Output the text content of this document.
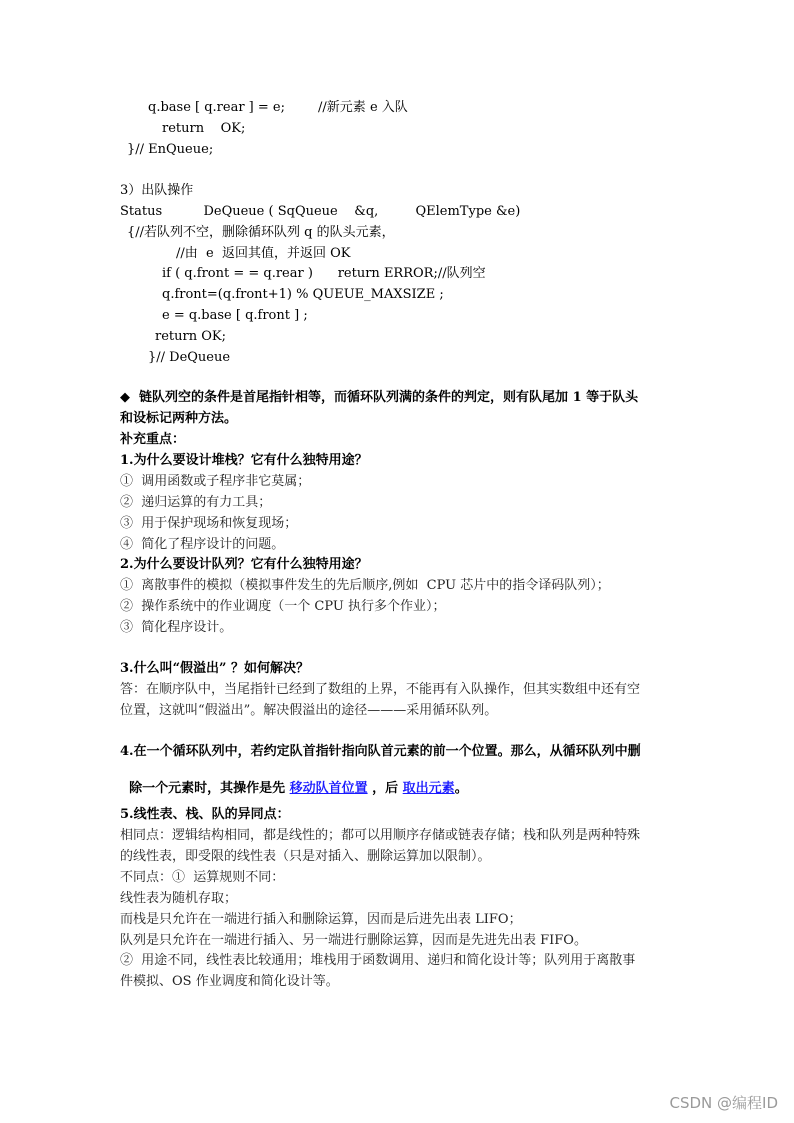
q.base [ q.rear ] = e;        //新元素 e 入队
return    OK;
}// EnQueue;
3）出队操作
Status          DeQueue ( SqQueue    &q,         QElemType &e)
{//若队列不空，删除循环队列 q 的队头元素，
//由  e  返回其值，并返回 OK
if ( q.front = = q.rear )      return ERROR;//队列空
q.front=(q.front+1) % QUEUE_MAXSIZE ;
e = q.base [ q.front ] ;
return OK;
}// DeQueue
◆  链队列空的条件是首尾指针相等，而循环队列满的条件的判定，则有队尾加 1 等于队头
和设标记两种方法。
补充重点：
1.为什么要设计堆栈？它有什么独特用途？
①  调用函数或子程序非它莫属；
②  递归运算的有力工具；
③  用于保护现场和恢复现场；
④  简化了程序设计的问题。
2.为什么要设计队列？它有什么独特用途？
①  离散事件的模拟（模拟事件发生的先后顺序,例如  CPU 芯片中的指令译码队列）；
②  操作系统中的作业调度（一个 CPU 执行多个作业）；
③  简化程序设计。
3.什么叫“假溢出” ？如何解决？
答：在顺序队中，当尾指针已经到了数组的上界，不能再有入队操作，但其实数组中还有空
位置，这就叫“假溢出”。解决假溢出的途径———采用循环队列。
4.在一个循环队列中，若约定队首指针指向队首元素的前一个位置。那么，从循环队列中删

除一个元素时，其操作是先 移动队首位置 ，后 取出元素。

5.线性表、栈、队的异同点：
相同点：逻辑结构相同，都是线性的；都可以用顺序存储或链表存储；栈和队列是两种特殊
的线性表，即受限的线性表（只是对插入、删除运算加以限制）。
不同点：①  运算规则不同：
线性表为随机存取；
而栈是只允许在一端进行插入和删除运算，因而是后进先出表 LIFO；
队列是只允许在一端进行插入、另一端进行删除运算，因而是先进先出表 FIFO。
②  用途不同，线性表比较通用；堆栈用于函数调用、递归和简化设计等；队列用于离散事
件模拟、OS 作业调度和简化设计等。
CSDN @编程ID
